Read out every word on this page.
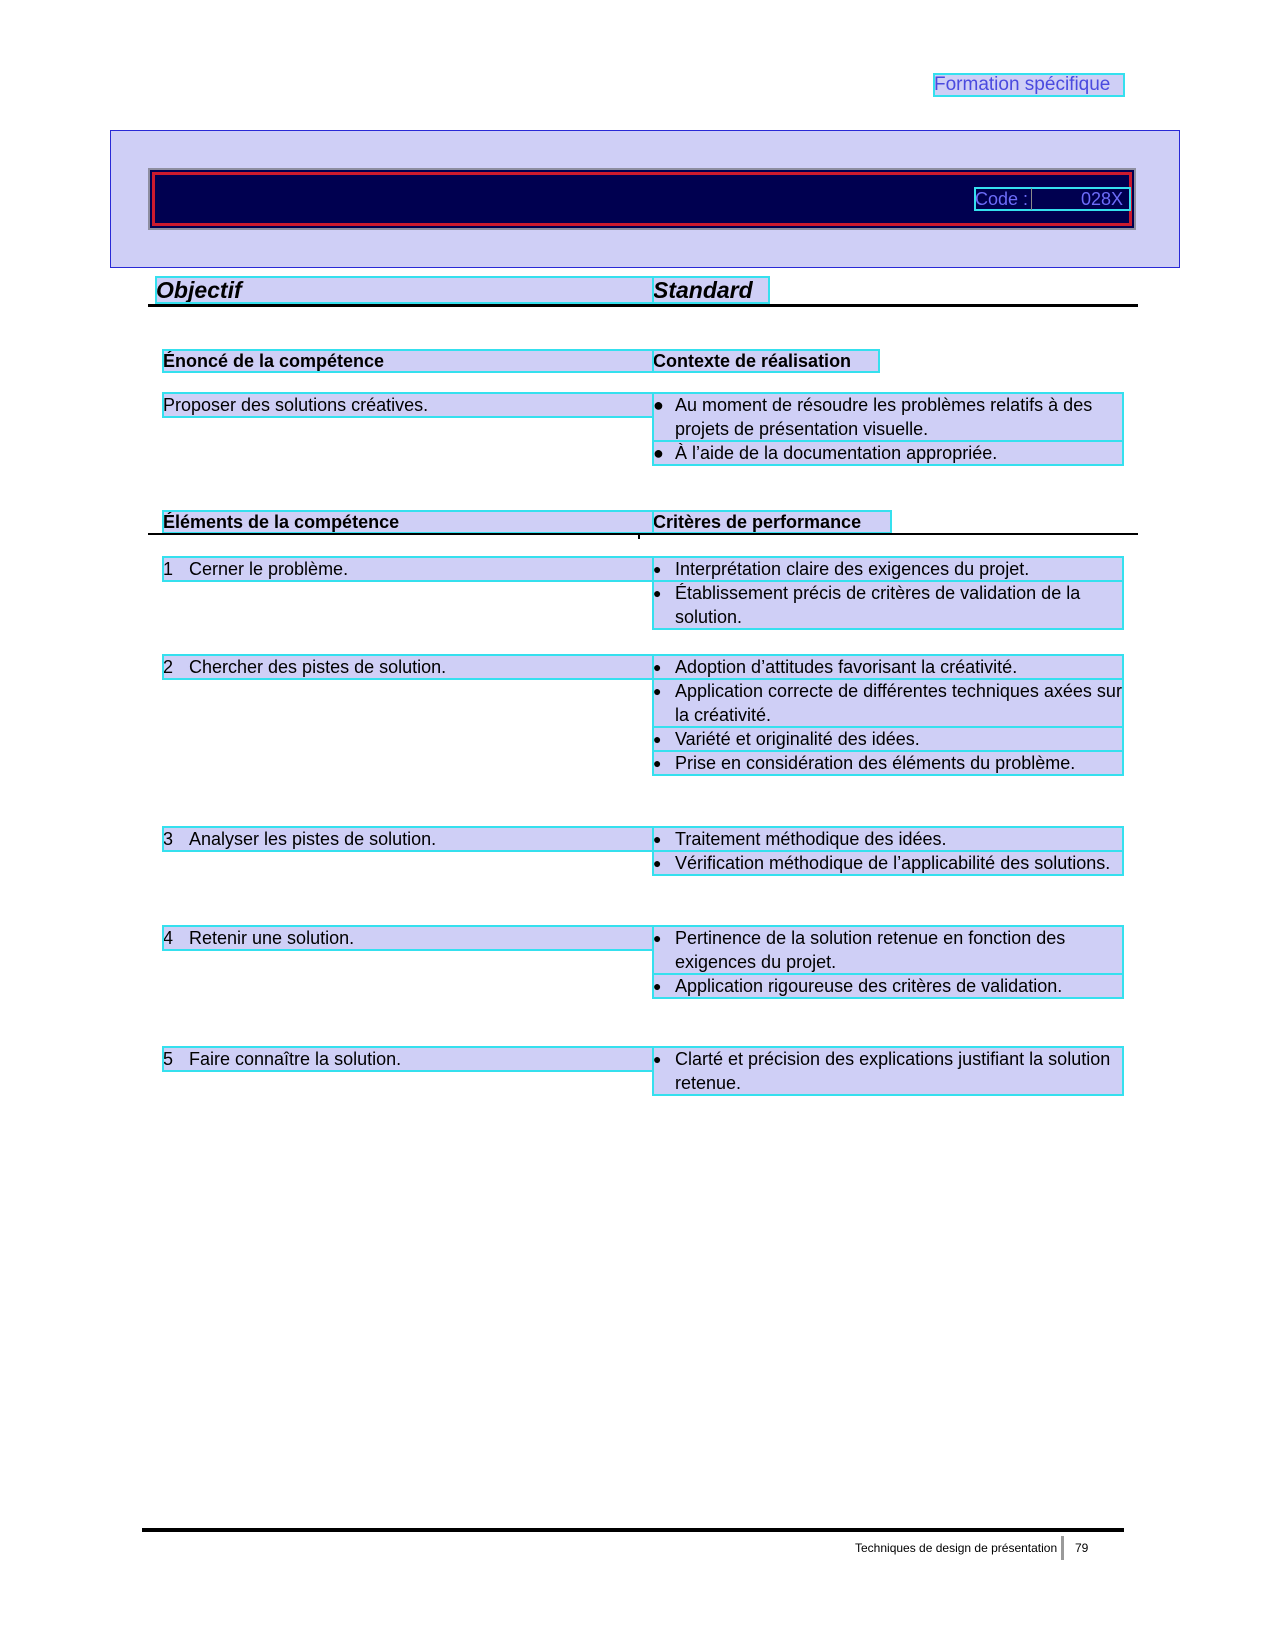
Formation spécifique
Code :	028X
Objectif	Standard
Énoncé de la compétence	Contexte de réalisation
Proposer des solutions créatives.	● Au moment de résoudre les problèmes relatifs à des projets de présentation visuelle.
● À l’aide de la documentation appropriée.
Éléments de la compétence	Critères de performance
1 Cerner le problème.	● Interprétation claire des exigences du projet.
● Établissement précis de critères de validation de la solution.
2 Chercher des pistes de solution.	● Adoption d’attitudes favorisant la créativité.
● Application correcte de différentes techniques axées sur la créativité.
● Variété et originalité des idées.
● Prise en considération des éléments du problème.
3 Analyser les pistes de solution.	● Traitement méthodique des idées.
● Vérification méthodique de l’applicabilité des solutions.
4 Retenir une solution.	● Pertinence de la solution retenue en fonction des exigences du projet.
● Application rigoureuse des critères de validation.
5 Faire connaître la solution.	● Clarté et précision des explications justifiant la solution retenue.
Techniques de design de présentation 79
